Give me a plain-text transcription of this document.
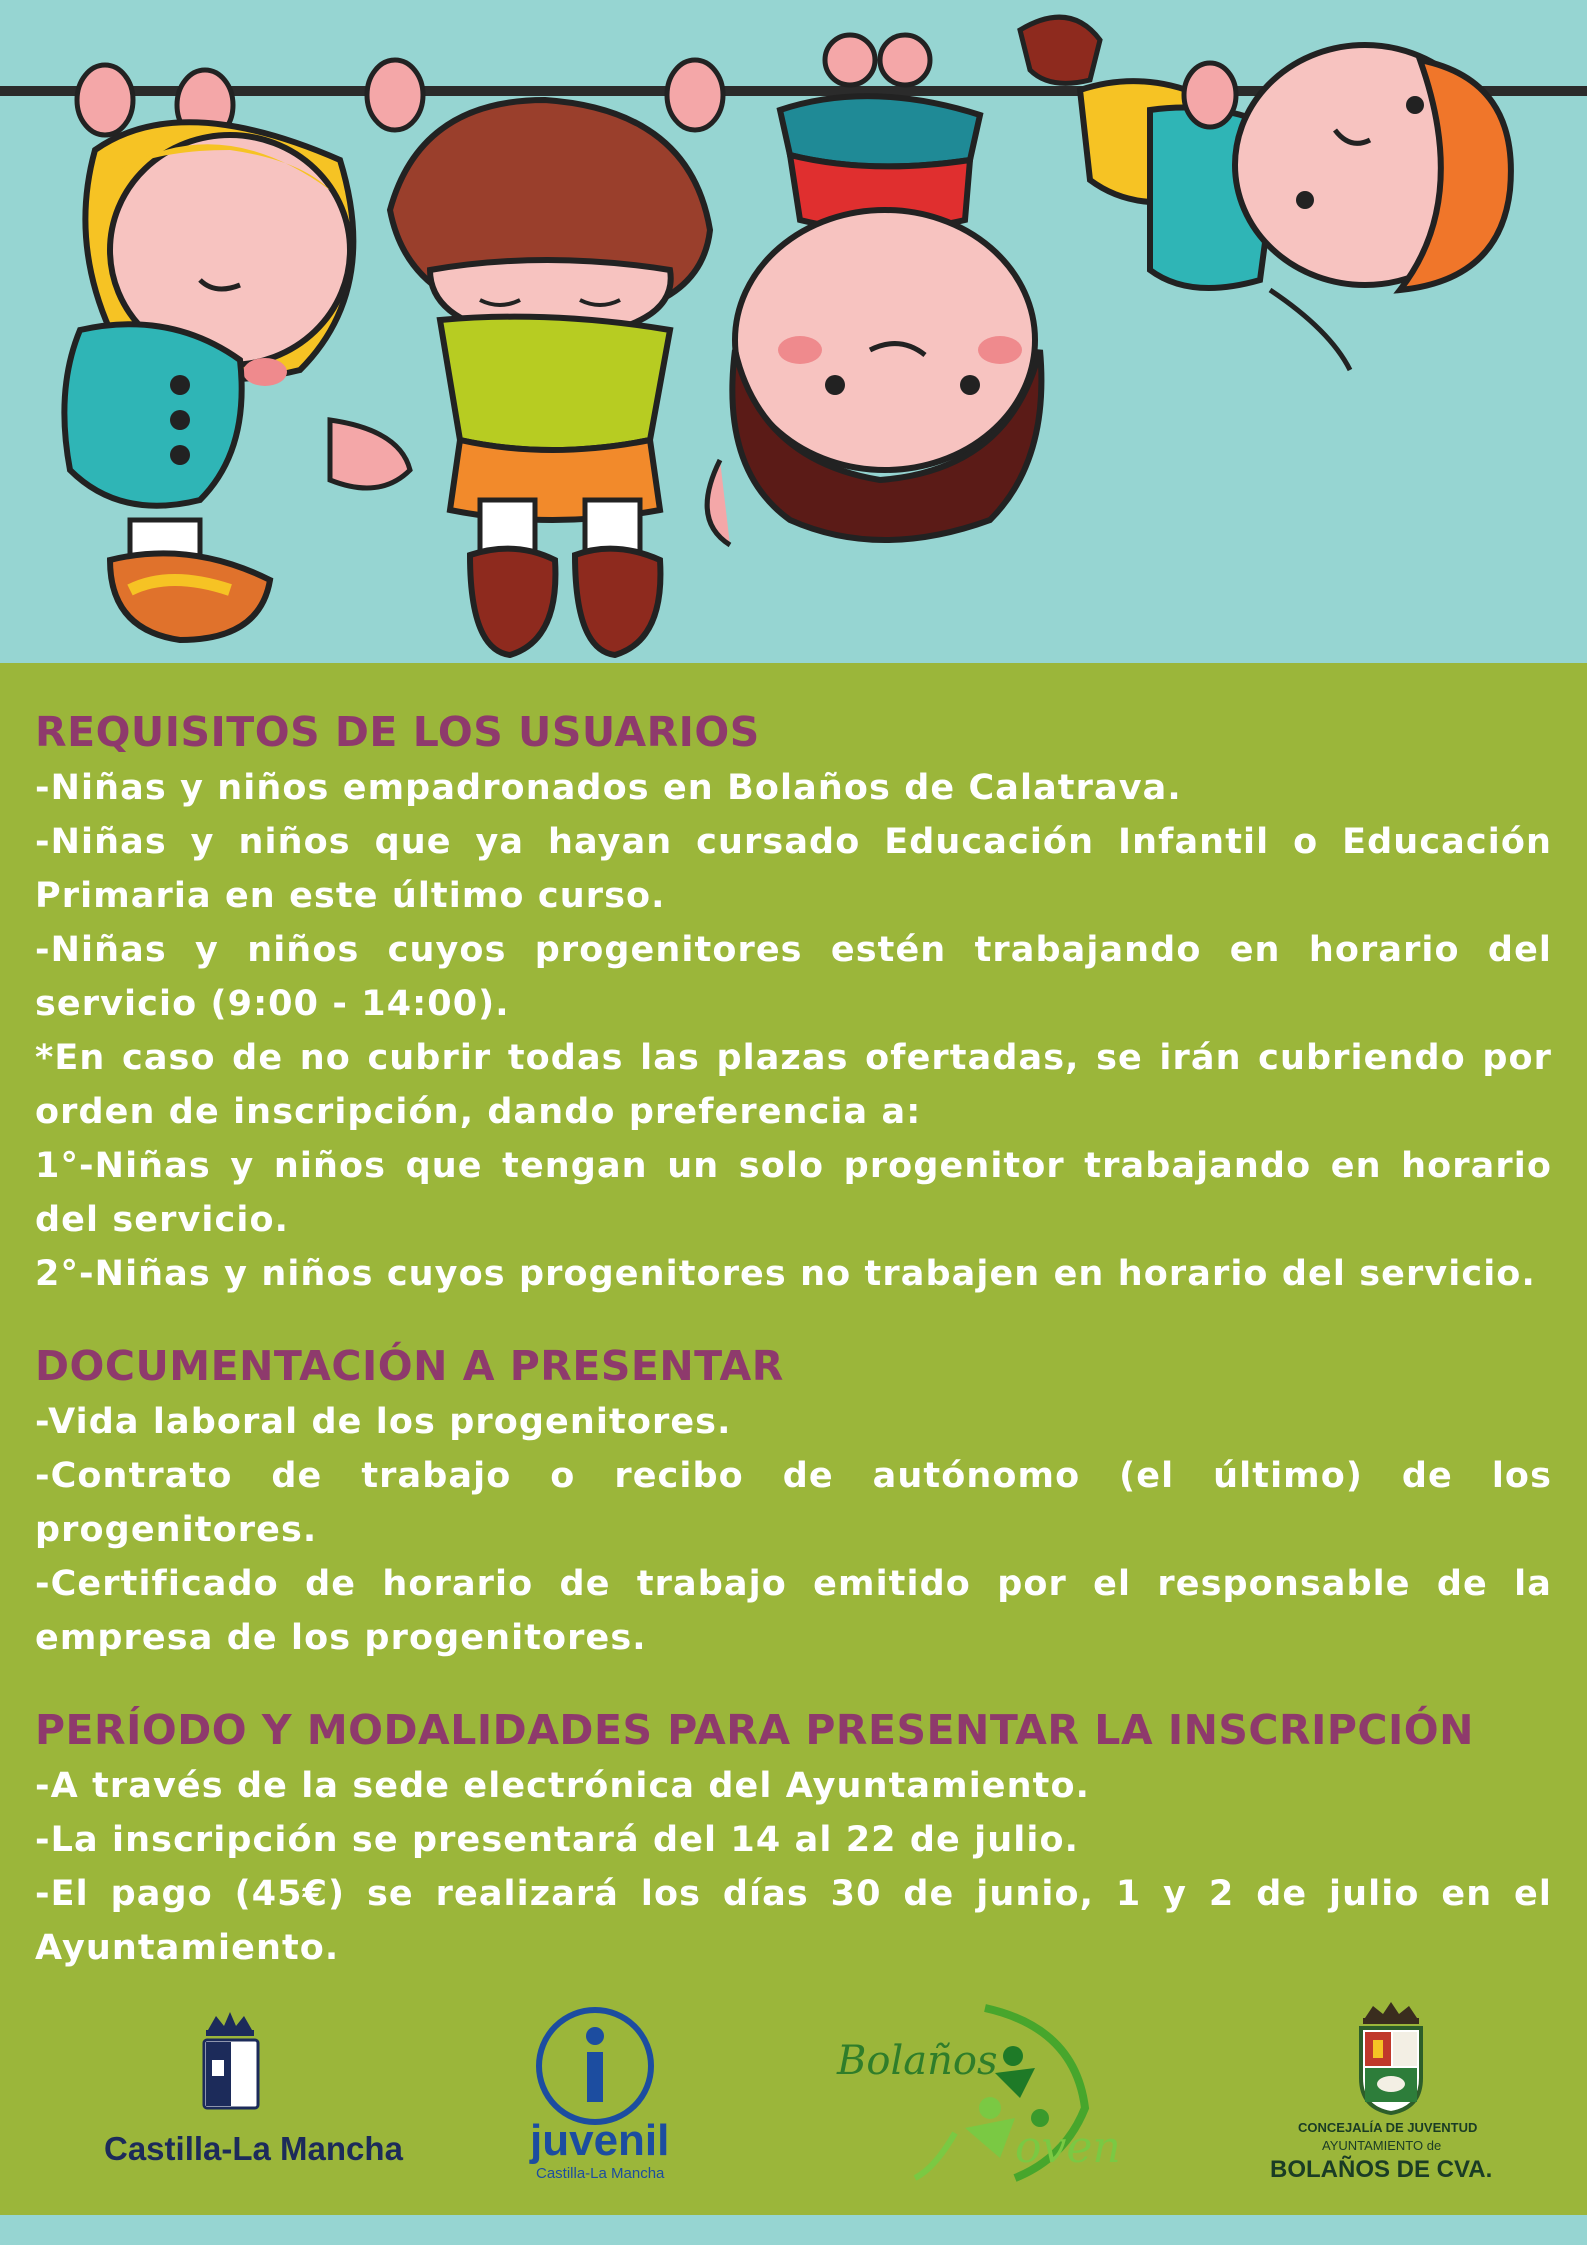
REQUISITOS DE LOS USUARIOS
-Niñas y niños empadronados en Bolaños de Calatrava.
-Niñas y niños que ya hayan cursado Educación Infantil o Educación Primaria en este último curso.
-Niñas y niños cuyos progenitores estén trabajando en horario del servicio (9:00 - 14:00).
*En caso de no cubrir todas las plazas ofertadas, se irán cubriendo por orden de inscripción, dando preferencia a:
1°-Niñas y niños que tengan un solo progenitor trabajando en horario del servicio.
2°-Niñas y niños cuyos progenitores no trabajen en horario del servicio.
DOCUMENTACIÓN A PRESENTAR
-Vida laboral de los progenitores.
-Contrato de trabajo o recibo de autónomo (el último) de los progenitores.
-Certificado de horario de trabajo emitido por el responsable de la empresa de los progenitores.
PERÍODO Y MODALIDADES PARA PRESENTAR LA INSCRIPCIÓN
-A través de la sede electrónica del Ayuntamiento.
-La inscripción se presentará del 14 al 22 de julio.
-El pago (45€) se realizará los días 30 de junio, 1 y 2 de julio en el Ayuntamiento.
Castilla-La Mancha	juvenil
Castilla-La Mancha
Bolaños
oven	CONCEJALÍA DE JUVENTUD
AYUNTAMIENTO de
BOLAÑOS DE CVA.
